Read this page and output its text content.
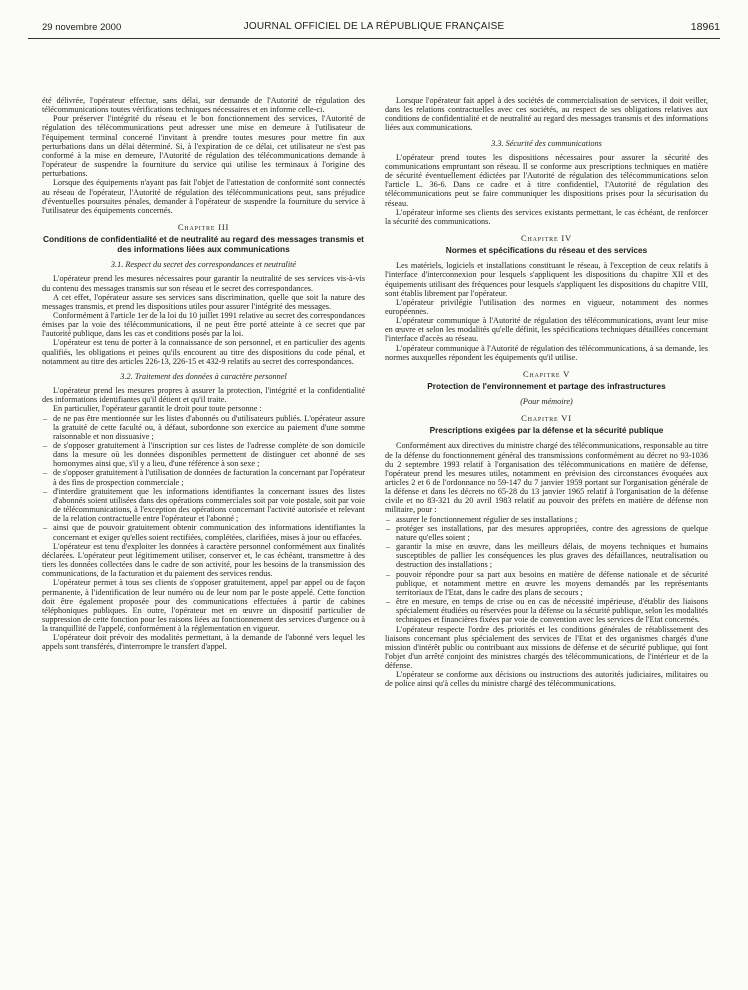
29 novembre 2000	JOURNAL OFFICIEL DE LA RÉPUBLIQUE FRANÇAISE	18961

été délivrée, l'opérateur effectue, sans délai, sur demande de l'Autorité de régulation des télécommunications toutes vérifications techniques nécessaires et en informe celle-ci.

Pour préserver l'intégrité du réseau et le bon fonctionnement des services, l'Autorité de régulation des télécommunications peut adresser une mise en demeure à l'utilisateur de l'équipement terminal concerné l'invitant à prendre toutes mesures pour mettre fin aux perturbations dans un délai déterminé. Si, à l'expiration de ce délai, cet utilisateur ne s'est pas conformé à la mise en demeure, l'Autorité de régulation des télécommunications demande à l'opérateur de suspendre la fourniture du service qui utilise les terminaux à l'origine des perturbations.

Lorsque des équipements n'ayant pas fait l'objet de l'attestation de conformité sont connectés au réseau de l'opérateur, l'Autorité de régulation des télécommunications peut, sans préjudice d'éventuelles poursuites pénales, demander à l'opérateur de suspendre la fourniture du service à l'utilisateur des équipements concernés.

Chapitre III
Conditions de confidentialité et de neutralité au regard des messages transmis et des informations liées aux communications
3.1. Respect du secret des correspondances et neutralité

L'opérateur prend les mesures nécessaires pour garantir la neutralité de ses services vis-à-vis du contenu des messages transmis sur son réseau et le secret des correspondances.

A cet effet, l'opérateur assure ses services sans discrimination, quelle que soit la nature des messages transmis, et prend les dispositions utiles pour assurer l'intégrité des messages.

Conformément à l'article 1er de la loi du 10 juillet 1991 relative au secret des correspondances émises par la voie des télécommunications, il ne peut être porté atteinte à ce secret que par l'autorité publique, dans les cas et conditions posés par la loi.

L'opérateur est tenu de porter à la connaissance de son personnel, et en particulier des agents qualifiés, les obligations et peines qu'ils encourent au titre des dispositions du code pénal, et notamment au titre des articles 226-13, 226-15 et 432-9 relatifs au secret des correspondances.

3.2. Traitement des données à caractère personnel

L'opérateur prend les mesures propres à assurer la protection, l'intégrité et la confidentialité des informations identifiantes qu'il détient et qu'il traite.

En particulier, l'opérateur garantit le droit pour toute personne :

– de ne pas être mentionnée sur les listes d'abonnés ou d'utilisateurs publiés. L'opérateur assure la gratuité de cette faculté ou, à défaut, subordonne son exercice au paiement d'une somme raisonnable et non dissuasive ;
– de s'opposer gratuitement à l'inscription sur ces listes de l'adresse complète de son domicile dans la mesure où les données disponibles permettent de distinguer cet abonné de ses homonymes ainsi que, s'il y a lieu, d'une référence à son sexe ;
– de s'opposer gratuitement à l'utilisation de données de facturation la concernant par l'opérateur à des fins de prospection commerciale ;
– d'interdire gratuitement que les informations identifiantes la concernant issues des listes d'abonnés soient utilisées dans des opérations commerciales soit par voie postale, soit par voie de télécommunications, à l'exception des opérations concernant l'activité autorisée et relevant de la relation contractuelle entre l'opérateur et l'abonné ;
– ainsi que de pouvoir gratuitement obtenir communication des informations identifiantes la concernant et exiger qu'elles soient rectifiées, complétées, clarifiées, mises à jour ou effacées.

L'opérateur est tenu d'exploiter les données à caractère personnel conformément aux finalités déclarées. L'opérateur peut légitimement utiliser, conserver et, le cas échéant, transmettre à des tiers les données collectées dans le cadre de son activité, pour les besoins de la transmission des communications, de la facturation et du paiement des services rendus.

L'opérateur permet à tous ses clients de s'opposer gratuitement, appel par appel ou de façon permanente, à l'identification de leur numéro ou de leur nom par le poste appelé. Cette fonction doit être également proposée pour des communications effectuées à partir de cabines téléphoniques publiques. En outre, l'opérateur met en œuvre un dispositif particulier de suppression de cette fonction pour les raisons liées au fonctionnement des services d'urgence ou à la tranquillité de l'appelé, conformément à la réglementation en vigueur.

L'opérateur doit prévoir des modalités permettant, à la demande de l'abonné vers lequel les appels sont transférés, d'interrompre le transfert d'appel.

Lorsque l'opérateur fait appel à des sociétés de commercialisation de services, il doit veiller, dans les relations contractuelles avec ces sociétés, au respect de ses obligations relatives aux conditions de confidentialité et de neutralité au regard des messages transmis et des informations liées aux communications.

3.3. Sécurité des communications

L'opérateur prend toutes les dispositions nécessaires pour assurer la sécurité des communications empruntant son réseau. Il se conforme aux prescriptions techniques en matière de sécurité éventuellement édictées par l'Autorité de régulation des télécommunications selon l'article L. 36-6. Dans ce cadre et à titre confidentiel, l'Autorité de régulation des télécommunications peut se faire communiquer les dispositions prises pour la sécurisation du réseau.

L'opérateur informe ses clients des services existants permettant, le cas échéant, de renforcer la sécurité des communications.

Chapitre IV
Normes et spécifications du réseau et des services

Les matériels, logiciels et installations constituant le réseau, à l'exception de ceux relatifs à l'interface d'interconnexion pour lesquels s'appliquent les dispositions du chapitre XII et des équipements utilisant des fréquences pour lesquels s'appliquent les dispositions du chapitre VIII, sont établis librement par l'opérateur.

L'opérateur privilégie l'utilisation des normes en vigueur, notamment des normes européennes.

L'opérateur communique à l'Autorité de régulation des télécommunications, avant leur mise en œuvre et selon les modalités qu'elle définit, les spécifications techniques détaillées concernant l'interface d'accès au réseau.

L'opérateur communique à l'Autorité de régulation des télécommunications, à sa demande, les normes auxquelles répondent les équipements qu'il utilise.

Chapitre V
Protection de l'environnement et partage des infrastructures
(Pour mémoire)
Chapitre VI
Prescriptions exigées par la défense et la sécurité publique

Conformément aux directives du ministre chargé des télécommunications, responsable au titre de la défense du fonctionnement général des transmissions conformément au décret no 93-1036 du 2 septembre 1993 relatif à l'organisation des télécommunications en matière de défense, l'opérateur prend les mesures utiles, notamment en prévision des circonstances évoquées aux articles 2 et 6 de l'ordonnance no 59-147 du 7 janvier 1959 portant sur l'organisation générale de la défense et dans les décrets no 65-28 du 13 janvier 1965 relatif à l'organisation de la défense civile et no 83-321 du 20 avril 1983 relatif au pouvoir des préfets en matière de défense non militaire, pour :

– assurer le fonctionnement régulier de ses installations ;
– protéger ses installations, par des mesures appropriées, contre des agressions de quelque nature qu'elles soient ;
– garantir la mise en œuvre, dans les meilleurs délais, de moyens techniques et humains susceptibles de pallier les conséquences les plus graves des défaillances, neutralisation ou destruction des installations ;
– pouvoir répondre pour sa part aux besoins en matière de défense nationale et de sécurité publique, et notamment mettre en œuvre les moyens demandés par les représentants territoriaux de l'Etat, dans le cadre des plans de secours ;
– être en mesure, en temps de crise ou en cas de nécessité impérieuse, d'établir des liaisons spécialement étudiées ou réservées pour la défense ou la sécurité publique, selon les modalités techniques et financières fixées par voie de convention avec les services de l'Etat concernés.

L'opérateur respecte l'ordre des priorités et les conditions générales de rétablissement des liaisons concernant plus spécialement des services de l'Etat et des organismes chargés d'une mission d'intérêt public ou contribuant aux missions de défense et de sécurité publique, qui font l'objet d'un arrêté conjoint des ministres chargés des télécommunications, de l'intérieur et de la défense.

L'opérateur se conforme aux décisions ou instructions des autorités judiciaires, militaires ou de police ainsi qu'à celles du ministre chargé des télécommunications.
